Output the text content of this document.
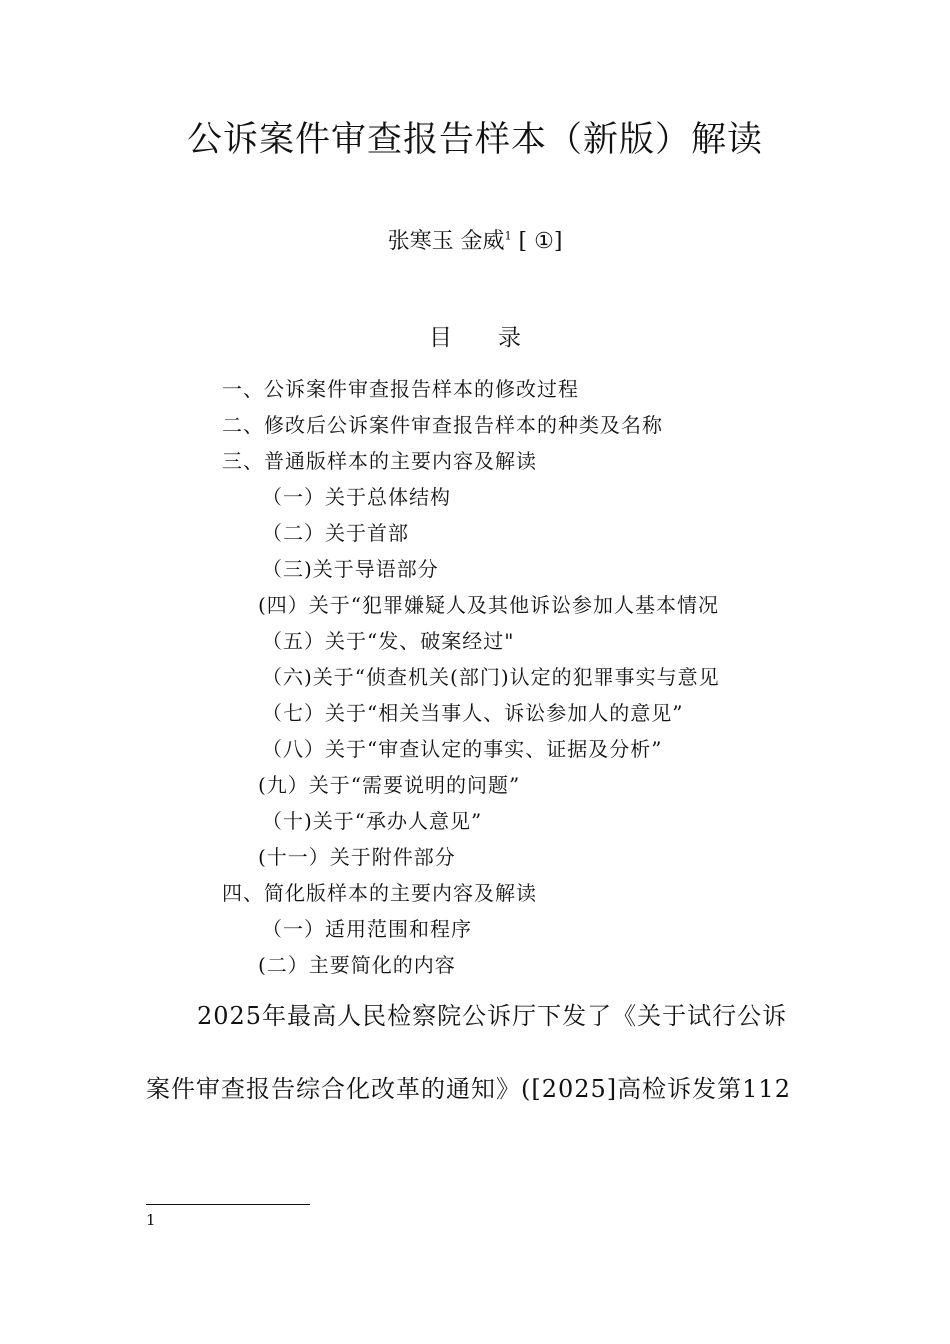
公诉案件审查报告样本（新版）解读
张寒玉 金威$^1$ [ ①]
目录
一、公诉案件审查报告样本的修改过程
二、修改后公诉案件审查报告样本的种类及名称
三、普通版样本的主要内容及解读
（一）关于总体结构
（二）关于首部
（三)关于导语部分
(四）关于“犯罪嫌疑人及其他诉讼参加人基本情况
（五）关于“发、破案经过"
（六)关于“侦查机关(部门)认定的犯罪事实与意见
（七）关于“相关当事人、诉讼参加人的意见”
（八）关于“审查认定的事实、证据及分析”
(九）关于“需要说明的问题”
（十)关于“承办人意见”
(十一）关于附件部分
四、简化版样本的主要内容及解读
（一）适用范围和程序
(二）主要简化的内容
2025年最高人民检察院公诉厅下发了《关于试行公诉
案件审查报告综合化改革的通知》([2025]高检诉发第112
1
